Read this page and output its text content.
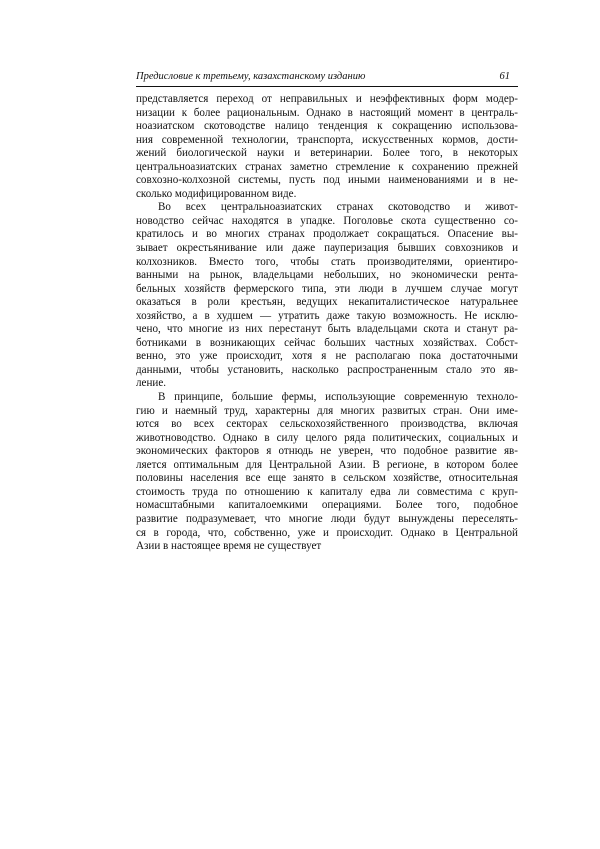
Предисловие к третьему, казахстанскому изданию	61
представляется переход от неправильных и неэффективных форм модер-
низации к более рациональным. Однако в настоящий момент в централь-
ноазиатском скотоводстве налицо тенденция к сокращению использова-
ния современной технологии, транспорта, искусственных кормов, дости-
жений биологической науки и ветеринарии. Более того, в некоторых
центральноазиатских странах заметно стремление к сохранению прежней
совхозно-колхозной системы, пусть под иными наименованиями и в не-
сколько модифицированном виде.
Во всех центральноазиатских странах скотоводство и живот-
новодство сейчас находятся в упадке. Поголовье скота существенно со-
кратилось и во многих странах продолжает сокращаться. Опасение вы-
зывает окрестьянивание или даже пауперизация бывших совхозников и
колхозников. Вместо того, чтобы стать производителями, ориентиро-
ванными на рынок, владельцами небольших, но экономически рента-
бельных хозяйств фермерского типа, эти люди в лучшем случае могут
оказаться в роли крестьян, ведущих некапиталистическое натуральнее
хозяйство, а в худшем — утратить даже такую возможность. Не исклю-
чено, что многие из них перестанут быть владельцами скота и станут ра-
ботниками в возникающих сейчас больших частных хозяйствах. Собст-
венно, это уже происходит, хотя я не располагаю пока достаточными
данными, чтобы установить, насколько распространенным стало это яв-
ление.
В принципе, большие фермы, использующие современную техноло-
гию и наемный труд, характерны для многих развитых стран. Они име-
ются во всех секторах сельскохозяйственного производства, включая
животноводство. Однако в силу целого ряда политических, социальных и
экономических факторов я отнюдь не уверен, что подобное развитие яв-
ляется оптимальным для Центральной Азии. В регионе, в котором более
половины населения все еще занято в сельском хозяйстве, относительная
стоимость труда по отношению к капиталу едва ли совместима с круп-
номасштабными капиталоемкими операциями. Более того, подобное
развитие подразумевает, что многие люди будут вынуждены переселять-
ся в города, что, собственно, уже и происходит. Однако в Центральной
Азии в настоящее время не существует
